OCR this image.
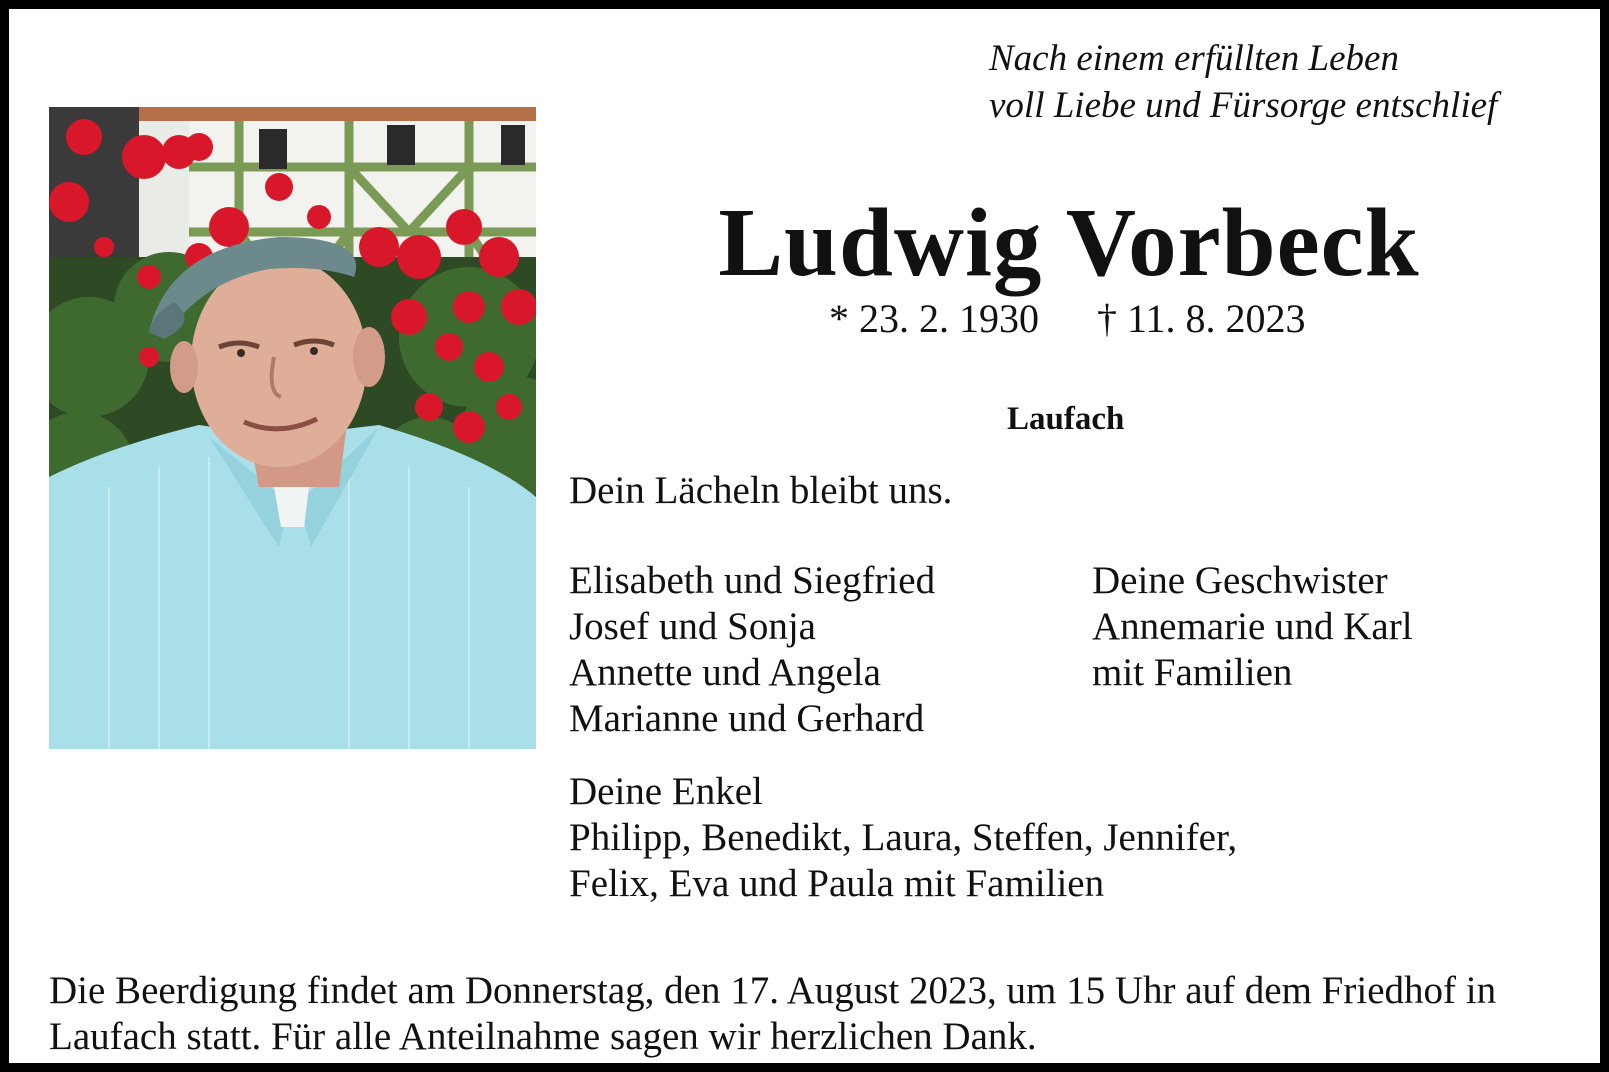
Nach einem erfüllten Leben
voll Liebe und Fürsorge entschlief
Ludwig Vorbeck
* 23. 2. 1930 † 11. 8. 2023
Laufach
Dein Lächeln bleibt uns.
Elisabeth und Siegfried
Josef und Sonja
Annette und Angela
Marianne und Gerhard
Deine Geschwister
Annemarie und Karl
mit Familien
Deine Enkel
Philipp, Benedikt, Laura, Steffen, Jennifer,
Felix, Eva und Paula mit Familien
Die Beerdigung findet am Donnerstag, den 17. August 2023, um 15 Uhr auf dem Friedhof in
Laufach statt. Für alle Anteilnahme sagen wir herzlichen Dank.
